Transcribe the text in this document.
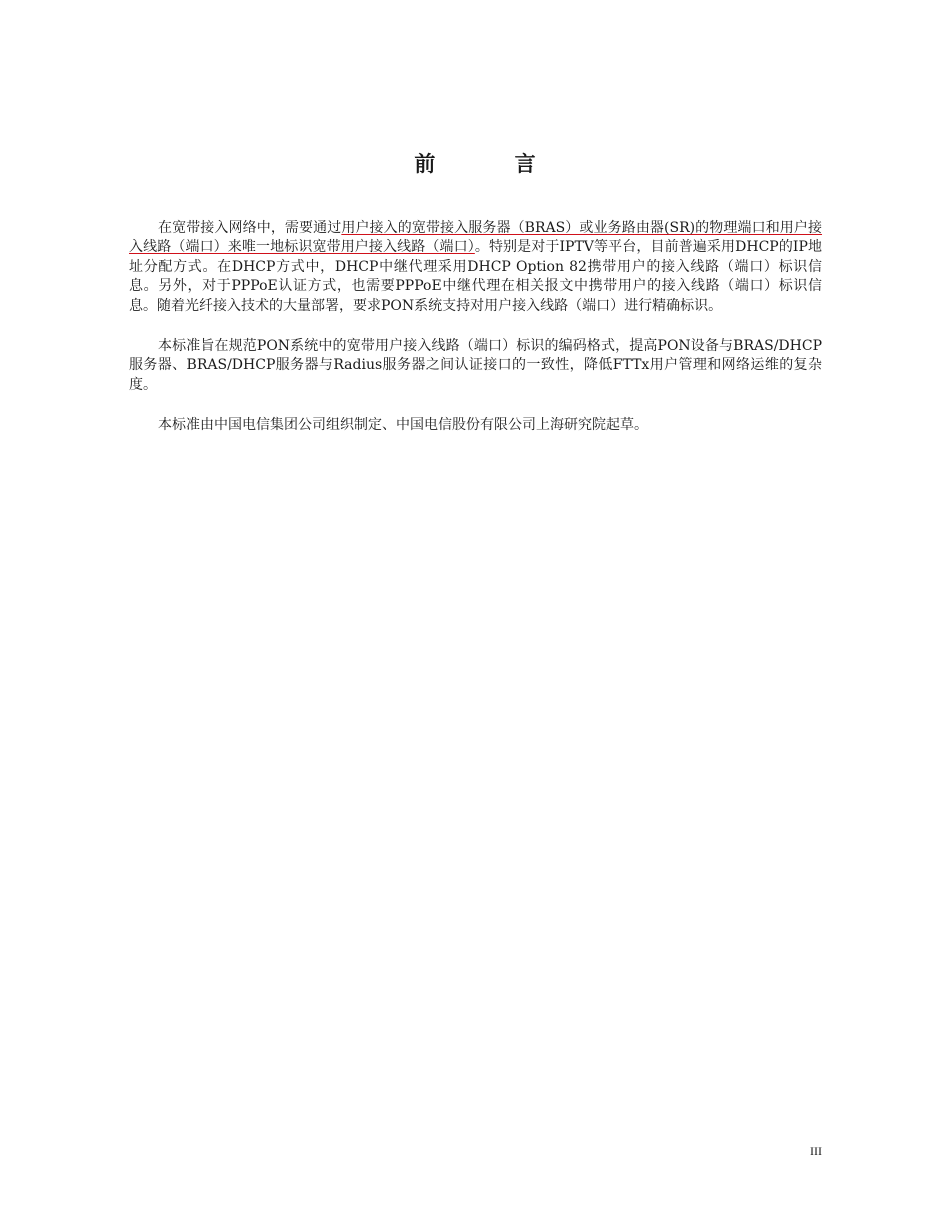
前 言

在宽带接入网络中，需要通过用户接入的宽带接入服务器（BRAS）或业务路由器(SR)的物理端口和用户接入线路（端口）来唯一地标识宽带用户接入线路（端口）。特别是对于IPTV等平台，目前普遍采用DHCP的IP地址分配方式。在DHCP方式中，DHCP中继代理采用DHCP Option 82携带用户的接入线路（端口）标识信息。另外，对于PPPoE认证方式，也需要PPPoE中继代理在相关报文中携带用户的接入线路（端口）标识信息。随着光纤接入技术的大量部署，要求PON系统支持对用户接入线路（端口）进行精确标识。

本标准旨在规范PON系统中的宽带用户接入线路（端口）标识的编码格式，提高PON设备与BRAS/DHCP服务器、BRAS/DHCP服务器与Radius服务器之间认证接口的一致性，降低FTTx用户管理和网络运维的复杂度。

本标准由中国电信集团公司组织制定、中国电信股份有限公司上海研究院起草。

III
